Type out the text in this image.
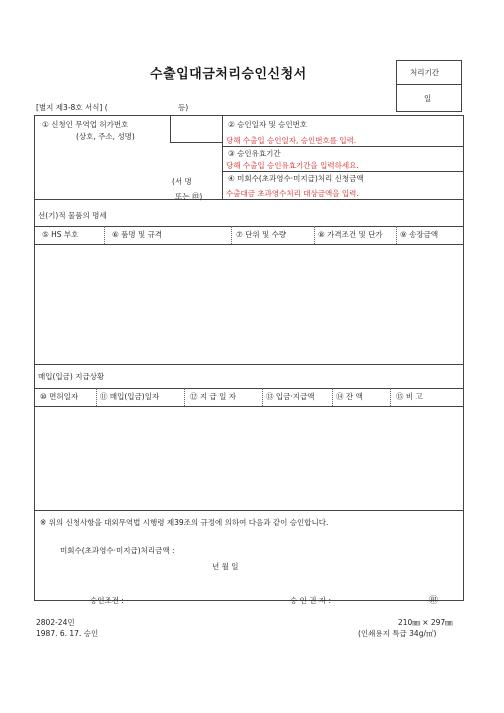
수출입대금처리승인신청서	처리기간
일
[별지 제3-8호 서식] (	등)
① 신청인 무역업 허가번호
(상호, 주소, 성명)
(서 명
또는 ㊞)
② 승인일자 및 승인번호
당해 수출입 승인일자, 승인번호를 입력.
③ 승인유효기간
당해 수출입 승인유효기간을 입력하세요.
④ 미회수(초과영수·미지급)처리 신청금액
수출대금 초과영수처리 대상금액을 입력.
선(기)적 물품의 명세
⑤ HS 부호	⑥ 품명 및 규격	⑦ 단위 및 수량	⑧ 가격조건 및 단가 ⑨ 송장금액
매입(입금) 지급상황
⑩ 면허일자	⑪ 매입(입금)일자	⑫ 지 급 일 자	⑬ 입금·지급액	⑭ 잔 액	⑮ 비 고
※ 위의 신청사항을 대외무역법 시행령 제39조의 규정에 의하여 다음과 같이 승인합니다.
미회수(초과영수·미지급)처리금액 :
년 월 일
승인조건 :	승 인 권 자 :	㊞
2802-24민
1987. 6. 17. 승인
210㎜ × 297㎜
(인쇄용지 특급 34g/㎡)
